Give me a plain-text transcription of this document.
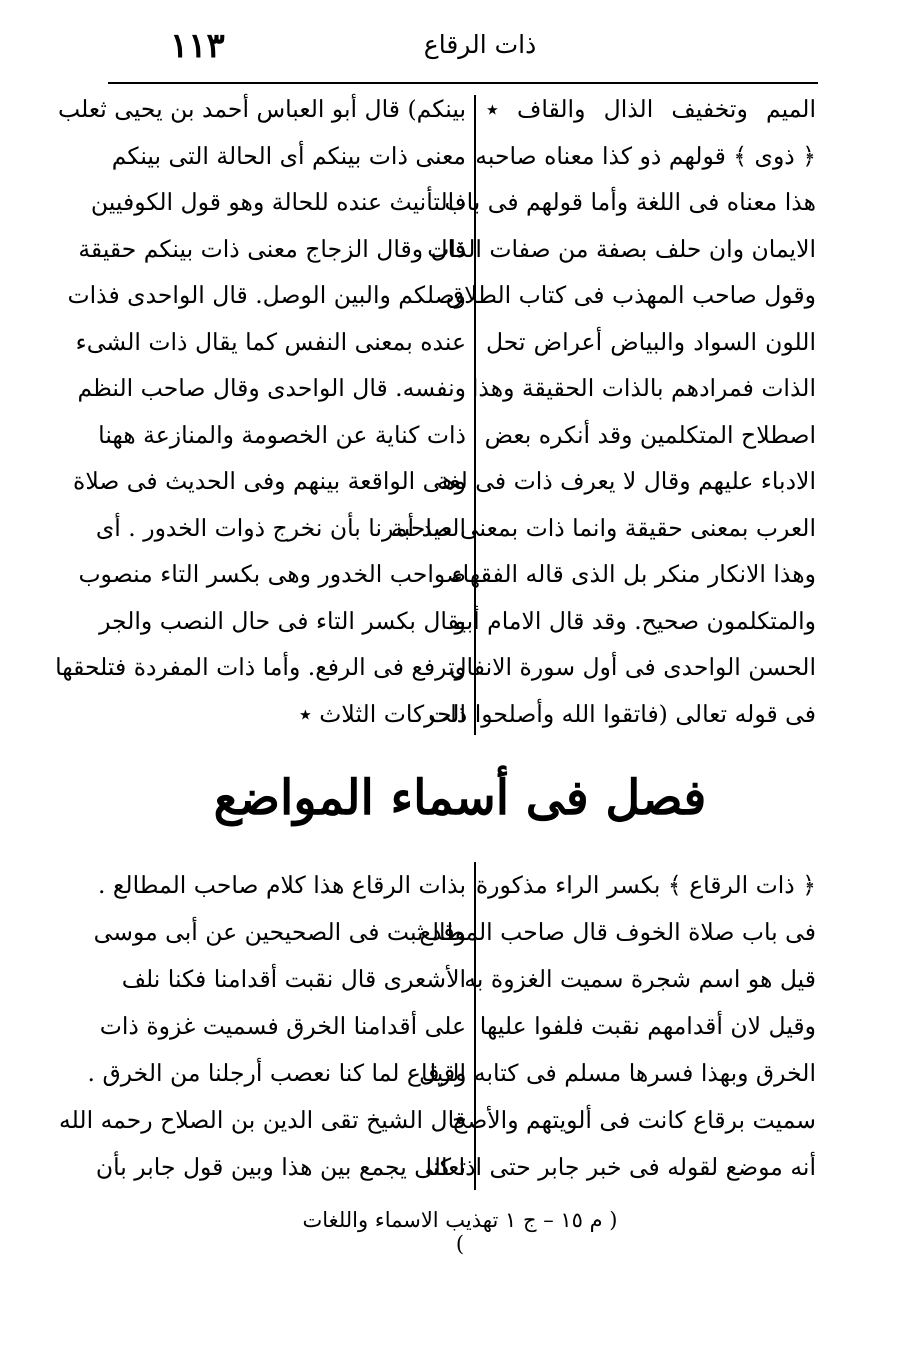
١١٣	ذات الرقاع
الميم وتخفيف الذال والقاف ٭
﴿ ذوى ﴾ قولهم ذو كذا معناه صاحبه
هذا معناه فى اللغة وأما قولهم فى باب
الايمان وان حلف بصفة من صفات الذات
وقول صاحب المهذب فى كتاب الطلاق
اللون السواد والبياض أعراض تحل
الذات فمرادهم بالذات الحقيقة وهذا
اصطلاح المتكلمين وقد أنكره بعض
الادباء عليهم وقال لا يعرف ذات فى لغة
العرب بمعنى حقيقة وانما ذات بمعنى صاحبة
وهذا الانكار منكر بل الذى قاله الفقهاء
والمتكلمون صحيح. وقد قال الامام أبو
الحسن الواحدى فى أول سورة الانفال
فى قوله تعالى (فاتقوا الله وأصلحوا ذات
بينكم) قال أبو العباس أحمد بن يحيى ثعلب
معنى ذات بينكم أى الحالة التى بينكم
فالتأنيث عنده للحالة وهو قول الكوفيين
قال وقال الزجاج معنى ذات بينكم حقيقة
وصلكم والبين الوصل. قال الواحدى فذات
عنده بمعنى النفس كما يقال ذات الشىء
ونفسه. قال الواحدى وقال صاحب النظم
ذات كناية عن الخصومة والمنازعة ههنا
وهى الواقعة بينهم وفى الحديث فى صلاة
العيد أمرنا بأن نخرج ذوات الخدور . أى
صواحب الخدور وهى بكسر التاء منصوب
يقال بكسر التاء فى حال النصب والجر
وترفع فى الرفع. وأما ذات المفردة فتلحقها
الحركات الثلاث ٭
فصل فى أسماء المواضع
﴿ ذات الرقاع ﴾ بكسر الراء مذكورة
فى باب صلاة الخوف قال صاحب المطالع
قيل هو اسم شجرة سميت الغزوة به
وقيل لان أقدامهم نقبت فلفوا عليها
الخرق وبهذا فسرها مسلم فى كتابه وقيل
سميت برقاع كانت فى ألويتهم والأصح
أنه موضع لقوله فى خبر جابر حتى اذا كنا
بذات الرقاع هذا كلام صاحب المطالع .
وقد ثبت فى الصحيحين عن أبى موسى
الأشعرى قال نقبت أقدامنا فكنا نلف
على أقدامنا الخرق فسميت غزوة ذات
الرقاع لما كنا نعصب أرجلنا من الخرق .
قال الشيخ تقى الدين بن الصلاح رحمه الله
تعالى يجمع بين هذا وبين قول جابر بأن
( م ١٥ – ج ١ تهذيب الاسماء واللغات )
